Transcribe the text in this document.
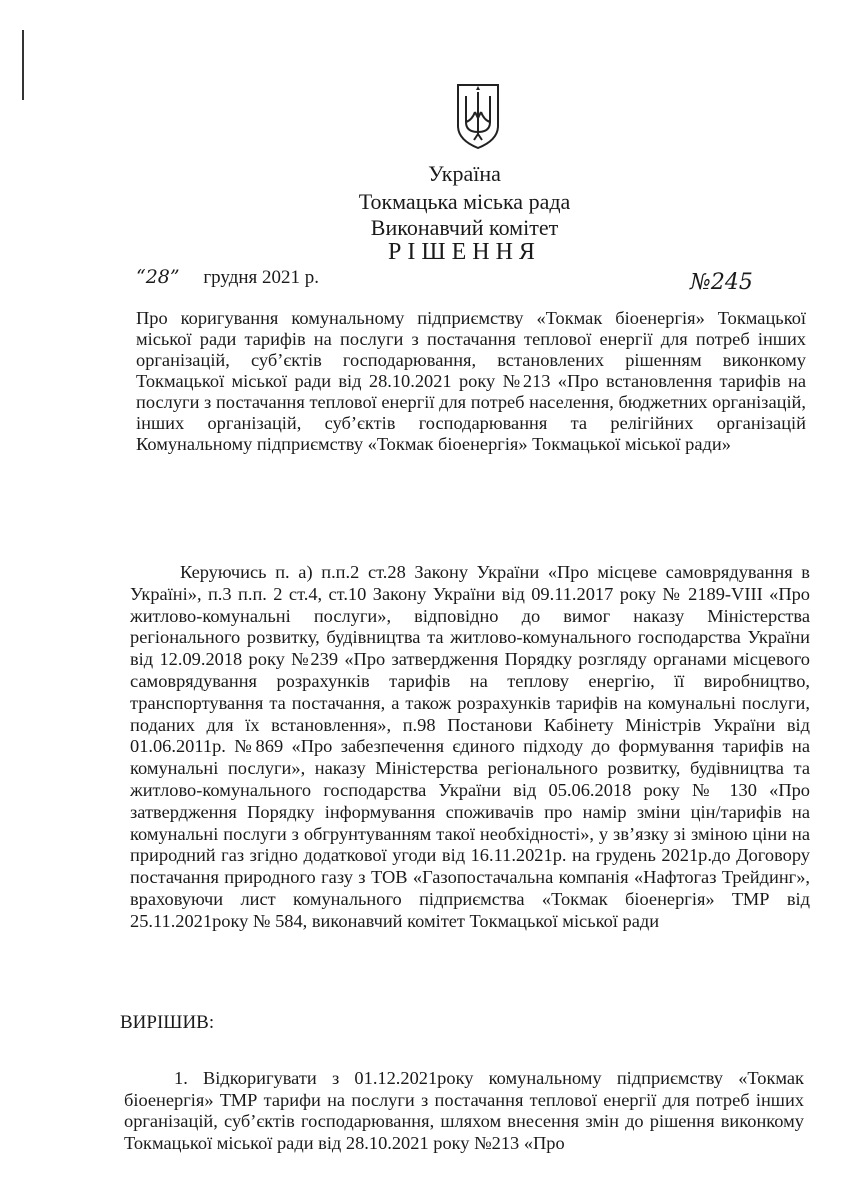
Україна
Токмацька міська рада
Виконавчий комітет
РІШЕННЯ
“28” грудня 2021 р.	№245
Про коригування комунальному підприємству «Токмак біоенергія» Токмацької міської ради тарифів на послуги з постачання теплової енергії для потреб інших організацій, суб’єктів господарювання, встановлених рішенням виконкому Токмацької міської ради від 28.10.2021 року №213 «Про встановлення тарифів на послуги з постачання теплової енергії для потреб населення, бюджетних організацій, інших організацій, суб’єктів господарювання та релігійних організацій Комунальному підприємству «Токмак біоенергія» Токмацької міської ради»
Керуючись п. а) п.п.2 ст.28 Закону України «Про місцеве самоврядування в Україні», п.3 п.п. 2 ст.4, ст.10 Закону України від 09.11.2017 року № 2189-VIII «Про житлово-комунальні послуги», відповідно до вимог наказу Міністерства регіонального розвитку, будівництва та житлово-комунального господарства України від 12.09.2018 року №239 «Про затвердження Порядку розгляду органами місцевого самоврядування розрахунків тарифів на теплову енергію, її виробництво, транспортування та постачання, а також розрахунків тарифів на комунальні послуги, поданих для їх встановлення», п.98 Постанови Кабінету Міністрів України від 01.06.2011р. №869 «Про забезпечення єдиного підходу до формування тарифів на комунальні послуги», наказу Міністерства регіонального розвитку, будівництва та житлово-комунального господарства України від 05.06.2018 року № 130 «Про затвердження Порядку інформування споживачів про намір зміни цін/тарифів на комунальні послуги з обгрунтуванням такої необхідності», у зв’язку зі зміною ціни на природний газ згідно додаткової угоди від 16.11.2021р. на грудень 2021р.до Договору постачання природного газу з ТОВ «Газопостачальна компанія «Нафтогаз Трейдинг», враховуючи лист комунального підприємства «Токмак біоенергія» ТМР від 25.11.2021року № 584, виконавчий комітет Токмацької міської ради
ВИРІШИВ:
1. Відкоригувати з 01.12.2021року комунальному підприємству «Токмак біоенергія» ТМР тарифи на послуги з постачання теплової енергії для потреб інших організацій, суб’єктів господарювання, шляхом внесення змін до рішення виконкому Токмацької міської ради від 28.10.2021 року №213 «Про
